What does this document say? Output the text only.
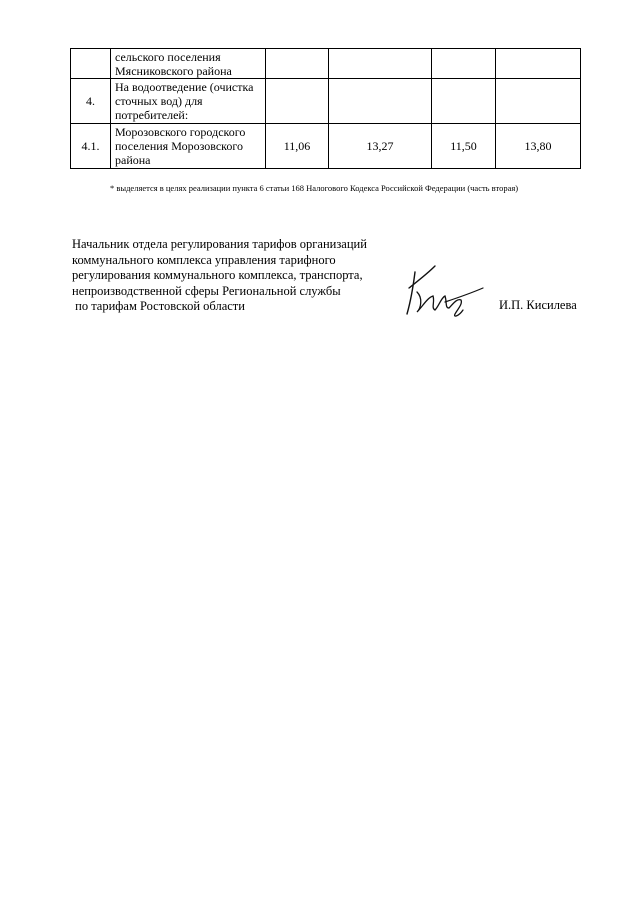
	сельского поселения Мясниковского района				
4.	На водоотведение (очистка сточных вод) для потребителей:				
4.1.	Морозовского городского поселения Морозовского района	11,06	13,27	11,50	13,80
* выделяется в целях реализации пункта 6 статьи 168 Налогового Кодекса Российской Федерации (часть вторая)
Начальник отдела регулирования тарифов организаций
коммунального комплекса управления тарифного
регулирования коммунального комплекса, транспорта,
непроизводственной сферы Региональной службы
по тарифам Ростовской области	И.П. Кисилева
